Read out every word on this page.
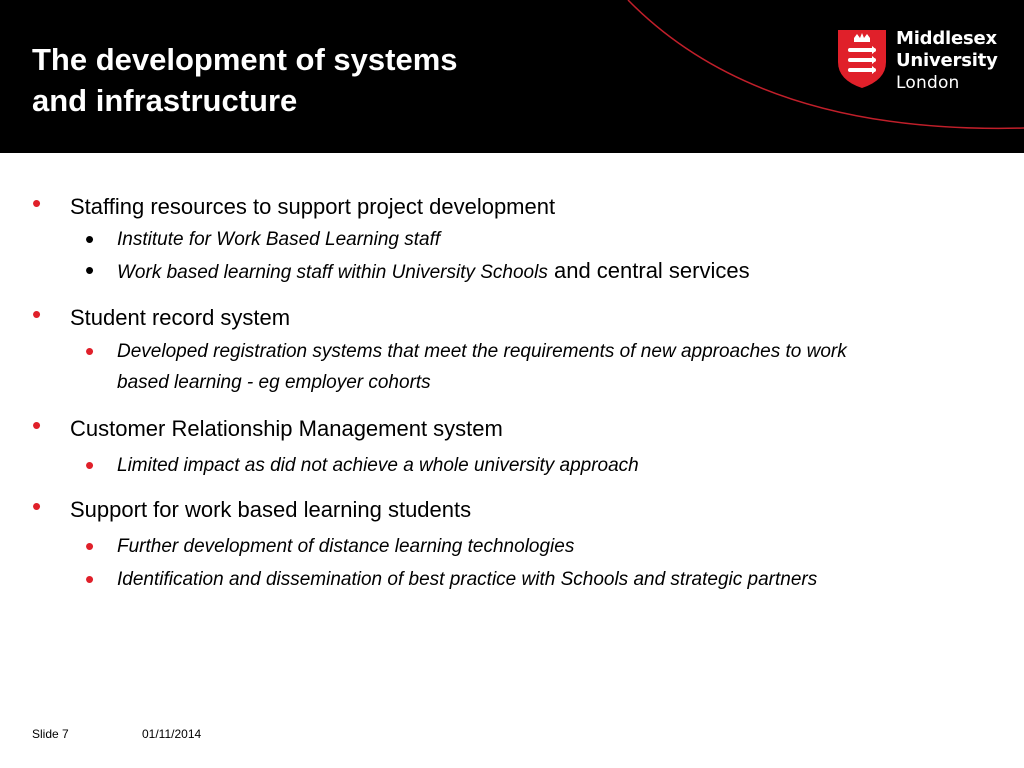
The development of systems
and infrastructure
Middlesex
University
London
• Staffing resources to support project development
• Institute for Work Based Learning staff
• Work based learning staff within University Schools and central services
• Student record system
• Developed registration systems that meet the requirements of new approaches to work
based learning - eg employer cohorts
• Customer Relationship Management system
• Limited impact as did not achieve a whole university approach
• Support for work based learning students
• Further development of distance learning technologies
• Identification and dissemination of best practice with Schools and strategic partners
Slide 7	01/11/2014
